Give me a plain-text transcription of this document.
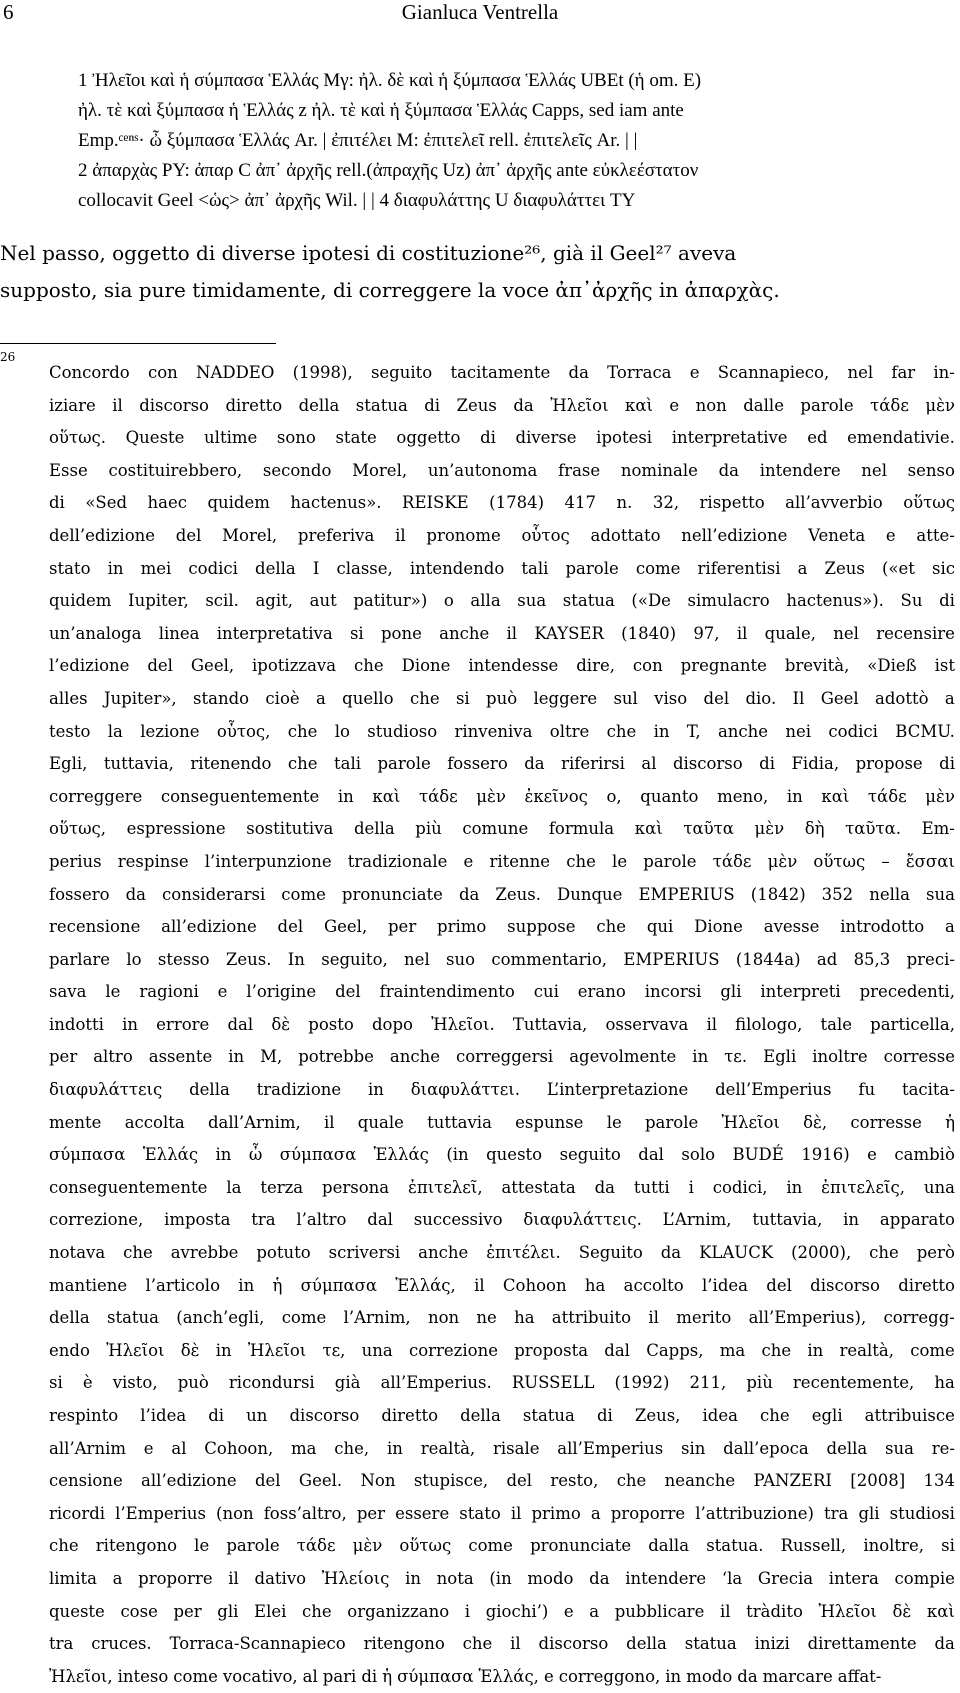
6	Gianluca Ventrella
1 Ἠλεῖοι καὶ ἡ σύμπασα Ἑλλάς Mγ: ἠλ. δὲ καὶ ἡ ξύμπασα Ἑλλάς UBEt (ἡ om. E)
ἠλ. τὲ καὶ ξύμπασα ἡ Ἑλλάς z ἠλ. τὲ καὶ ἡ ξύμπασα Ἑλλάς Capps, sed iam ante
Emp.ᶜᵉⁿˢ· ὦ ξύμπασα Ἑλλάς Ar. | ἐπιτέλει M: ἐπιτελεῖ rell. ἐπιτελεῖς Ar. | |
2 ἀπαρχὰς PY: ἀπαρ C ἀπ᾽ ἀρχῆς rell.(ἀπραχῆς Uz) ἀπ᾽ ἀρχῆς ante εὐκλεέστατον
collocavit Geel <ὡς> ἀπ᾽ ἀρχῆς Wil. | | 4 διαφυλάττης U διαφυλάττει TY
Nel passo, oggetto di diverse ipotesi di costituzione²⁶, già il Geel²⁷ aveva
supposto, sia pure timidamente, di correggere la voce ἀπ᾽ἀρχῆς in ἀπαρχὰς.
26
Concordo con NADDEO (1998), seguito tacitamente da Torraca e Scannapieco, nel far in-
iziare il discorso diretto della statua di Zeus da Ἠλεῖοι καὶ e non dalle parole τάδε μὲν
οὕτως. Queste ultime sono state oggetto di diverse ipotesi interpretative ed emendativie.
Esse costituirebbero, secondo Morel, un’autonoma frase nominale da intendere nel senso
di «Sed haec quidem hactenus». REISKE (1784) 417 n. 32, rispetto all’avverbio οὕτως
dell’edizione del Morel, preferiva il pronome οὗτος adottato nell’edizione Veneta e atte-
stato in mei codici della I classe, intendendo tali parole come riferentisi a Zeus («et sic
quidem Iupiter, scil. agit, aut patitur») o alla sua statua («De simulacro hactenus»). Su di
un’analoga linea interpretativa si pone anche il KAYSER (1840) 97, il quale, nel recensire
l’edizione del Geel, ipotizzava che Dione intendesse dire, con pregnante brevità, «Dieß ist
alles Jupiter», stando cioè a quello che si può leggere sul viso del dio. Il Geel adottò a
testo la lezione οὗτος, che lo studioso rinveniva oltre che in T, anche nei codici BCMU.
Egli, tuttavia, ritenendo che tali parole fossero da riferirsi al discorso di Fidia, propose di
correggere conseguentemente in καὶ τάδε μὲν ἐκεῖνος ο, quanto meno, in καὶ τάδε μὲν
οὕτως, espressione sostitutiva della più comune formula καὶ ταῦτα μὲν δὴ ταῦτα. Em-
perius respinse l’interpunzione tradizionale e ritenne che le parole τάδε μὲν οὕτως – ἔσσαι
fossero da considerarsi come pronunciate da Zeus. Dunque EMPERIUS (1842) 352 nella sua
recensione all’edizione del Geel, per primo suppose che qui Dione avesse introdotto a
parlare lo stesso Zeus. In seguito, nel suo commentario, EMPERIUS (1844a) ad 85,3 preci-
sava le ragioni e l’origine del fraintendimento cui erano incorsi gli interpreti precedenti,
indotti in errore dal δὲ posto dopo Ἠλεῖοι. Tuttavia, osservava il filologo, tale particella,
per altro assente in M, potrebbe anche correggersi agevolmente in τε. Egli inoltre corresse
διαφυλάττεις della tradizione in διαφυλάττει. L’interpretazione dell’Emperius fu tacita-
mente accolta dall’Arnim, il quale tuttavia espunse le parole Ἠλεῖοι δὲ, corresse ἡ
σύμπασα Ἑλλάς in ὦ σύμπασα Ἑλλάς (in questo seguito dal solo BUDÉ 1916) e cambiò
conseguentemente la terza persona ἐπιτελεῖ, attestata da tutti i codici, in ἐπιτελεῖς, una
correzione, imposta tra l’altro dal successivo διαφυλάττεις. L’Arnim, tuttavia, in apparato
notava che avrebbe potuto scriversi anche ἐπιτέλει. Seguito da KLAUCK (2000), che però
mantiene l’articolo in ἡ σύμπασα Ἑλλάς, il Cohoon ha accolto l’idea del discorso diretto
della statua (anch’egli, come l’Arnim, non ne ha attribuito il merito all’Emperius), corregg-
endo Ἠλεῖοι δὲ in Ἠλεῖοι τε, una correzione proposta dal Capps, ma che in realtà, come
si è visto, può ricondursi già all’Emperius. RUSSELL (1992) 211, più recentemente, ha
respinto l’idea di un discorso diretto della statua di Zeus, idea che egli attribuisce
all’Arnim e al Cohoon, ma che, in realtà, risale all’Emperius sin dall’epoca della sua re-
censione all’edizione del Geel. Non stupisce, del resto, che neanche PANZERI [2008] 134
ricordi l’Emperius (non foss’altro, per essere stato il primo a proporre l’attribuzione) tra gli studiosi
che ritengono le parole τάδε μὲν οὕτως come pronunciate dalla statua. Russell, inoltre, si
limita a proporre il dativo Ἠλείοις in nota (in modo da intendere ‘la Grecia intera compie
queste cose per gli Elei che organizzano i giochi’) e a pubblicare il tràdito Ἠλεῖοι δὲ καὶ
tra cruces. Torraca-Scannapieco ritengono che il discorso della statua inizi direttamente da
Ἠλεῖοι, inteso come vocativo, al pari di ἡ σύμπασα Ἑλλάς, e correggono, in modo da marcare affat-
